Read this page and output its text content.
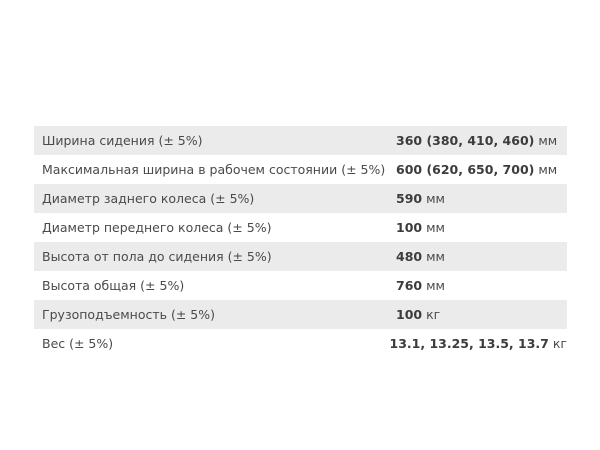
Ширина сидения (± 5%)	360 (380, 410, 460) мм
Максимальная ширина в рабочем состоянии (± 5%) 600 (620, 650, 700) мм
Диаметр заднего колеса (± 5%)	590 мм
Диаметр переднего колеса (± 5%)	100 мм
Высота от пола до сидения (± 5%)	480 мм
Высота общая (± 5%)	760 мм
Грузоподъемность (± 5%)	100 кг
Вес (± 5%)	13.1, 13.25, 13.5, 13.7 кг
